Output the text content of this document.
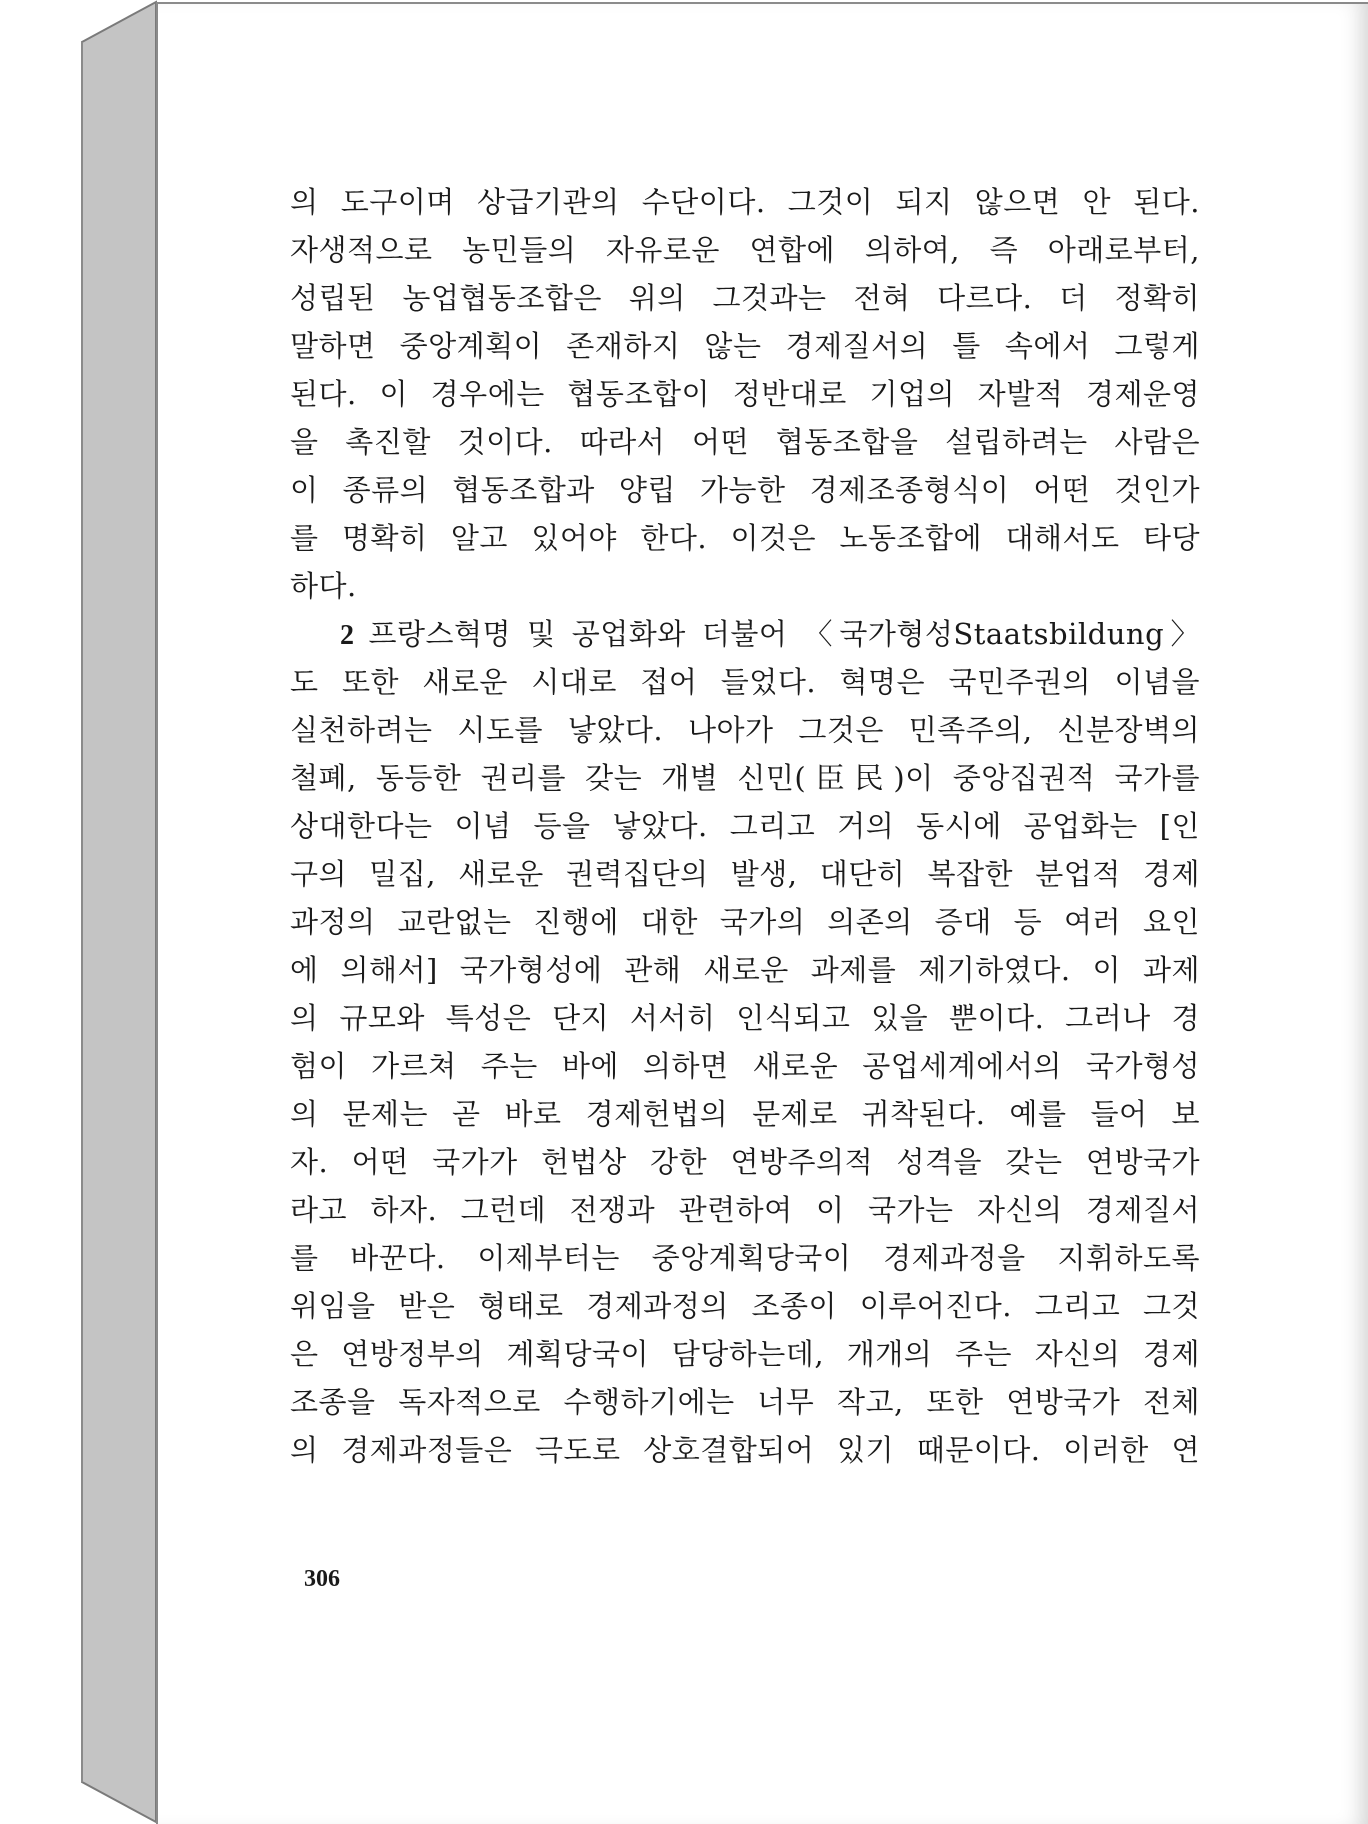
의 도구이며 상급기관의 수단이다. 그것이 되지 않으면 안 된다.
자생적으로 농민들의 자유로운 연합에 의하여, 즉 아래로부터,
성립된 농업협동조합은 위의 그것과는 전혀 다르다. 더 정확히
말하면 중앙계획이 존재하지 않는 경제질서의 틀 속에서 그렇게
된다. 이 경우에는 협동조합이 정반대로 기업의 자발적 경제운영
을 촉진할 것이다. 따라서 어떤 협동조합을 설립하려는 사람은
이 종류의 협동조합과 양립 가능한 경제조종형식이 어떤 것인가
를 명확히 알고 있어야 한다. 이것은 노동조합에 대해서도 타당
하다.
2 프랑스혁명 및 공업화와 더불어 〈국가형성Staatsbildung〉
도 또한 새로운 시대로 접어 들었다. 혁명은 국민주권의 이념을
실천하려는 시도를 낳았다. 나아가 그것은 민족주의, 신분장벽의
철폐, 동등한 권리를 갖는 개별 신민(臣民)이 중앙집권적 국가를
상대한다는 이념 등을 낳았다. 그리고 거의 동시에 공업화는 [인
구의 밀집, 새로운 권력집단의 발생, 대단히 복잡한 분업적 경제
과정의 교란없는 진행에 대한 국가의 의존의 증대 등 여러 요인
에 의해서] 국가형성에 관해 새로운 과제를 제기하였다. 이 과제
의 규모와 특성은 단지 서서히 인식되고 있을 뿐이다. 그러나 경
험이 가르쳐 주는 바에 의하면 새로운 공업세계에서의 국가형성
의 문제는 곧 바로 경제헌법의 문제로 귀착된다. 예를 들어 보
자. 어떤 국가가 헌법상 강한 연방주의적 성격을 갖는 연방국가
라고 하자. 그런데 전쟁과 관련하여 이 국가는 자신의 경제질서
를 바꾼다. 이제부터는 중앙계획당국이 경제과정을 지휘하도록
위임을 받은 형태로 경제과정의 조종이 이루어진다. 그리고 그것
은 연방정부의 계획당국이 담당하는데, 개개의 주는 자신의 경제
조종을 독자적으로 수행하기에는 너무 작고, 또한 연방국가 전체
의 경제과정들은 극도로 상호결합되어 있기 때문이다. 이러한 연
306
